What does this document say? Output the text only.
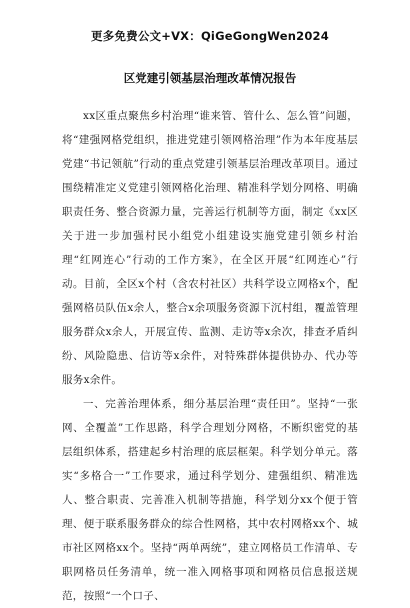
更多免费公文+VX：QiGeGongWen2024
区党建引领基层治理改革情况报告

xx区重点聚焦乡村治理“谁来管、管什么、怎么管”问题，将“建强网格党组织，推进党建引领网格治理”作为本年度基层党建“书记领航”行动的重点党建引领基层治理改革项目。通过围绕精准定义党建引领网格化治理、精准科学划分网格、明确职责任务、整合资源力量，完善运行机制等方面，制定《xx区关于进一步加强村民小组党小组建设实施党建引领乡村治理“红网连心”行动的工作方案》，在全区开展“红网连心”行动。目前，全区x个村（含农村社区）共科学设立网格x个，配强网格员队伍x余人，整合x余项服务资源下沉村组，覆盖管理服务群众x余人，开展宣传、监测、走访等x余次，排查矛盾纠纷、风险隐患、信访等x余件，对特殊群体提供协办、代办等服务x余件。

一、完善治理体系，细分基层治理“责任田”。坚持“一张网、全覆盖”工作思路，科学合理划分网格，不断织密党的基层组织体系，搭建起乡村治理的底层框架。科学划分单元。落实“多格合一”工作要求，通过科学划分、建强组织、精准选人、整合职责、完善准入机制等措施，科学划分xx个便于管理、便于联系服务群众的综合性网格，其中农村网格xx个、城市社区网格xx个。坚持“两单两统”，建立网格员工作清单、专职网格员任务清单，统一准入网格事项和网格员信息报送规范，按照“一个口子、
